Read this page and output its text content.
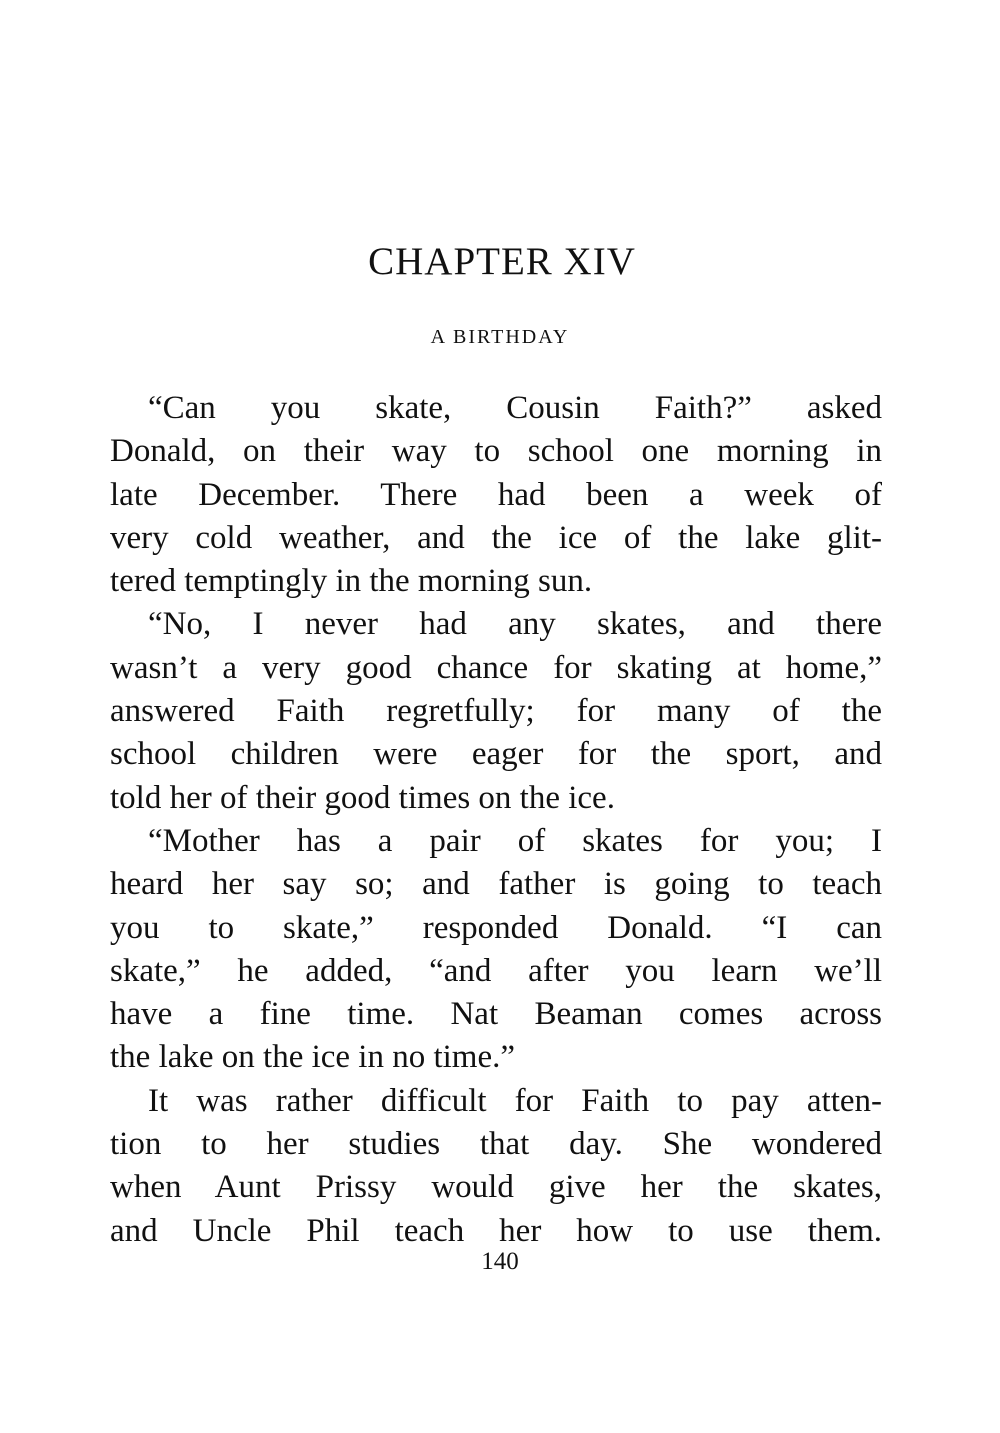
CHAPTER XIV
A BIRTHDAY

“Can you skate, Cousin Faith?” asked
Donald, on their way to school one morning in
late December. There had been a week of
very cold weather, and the ice of the lake glit-
tered temptingly in the morning sun.

“No, I never had any skates, and there
wasn’t a very good chance for skating at home,”
answered Faith regretfully; for many of the
school children were eager for the sport, and
told her of their good times on the ice.

“Mother has a pair of skates for you; I
heard her say so; and father is going to teach
you to skate,” responded Donald. “I can
skate,” he added, “and after you learn we’ll
have a fine time. Nat Beaman comes across
the lake on the ice in no time.”

It was rather difficult for Faith to pay atten-
tion to her studies that day. She wondered
when Aunt Prissy would give her the skates,
and Uncle Phil teach her how to use them.

140
